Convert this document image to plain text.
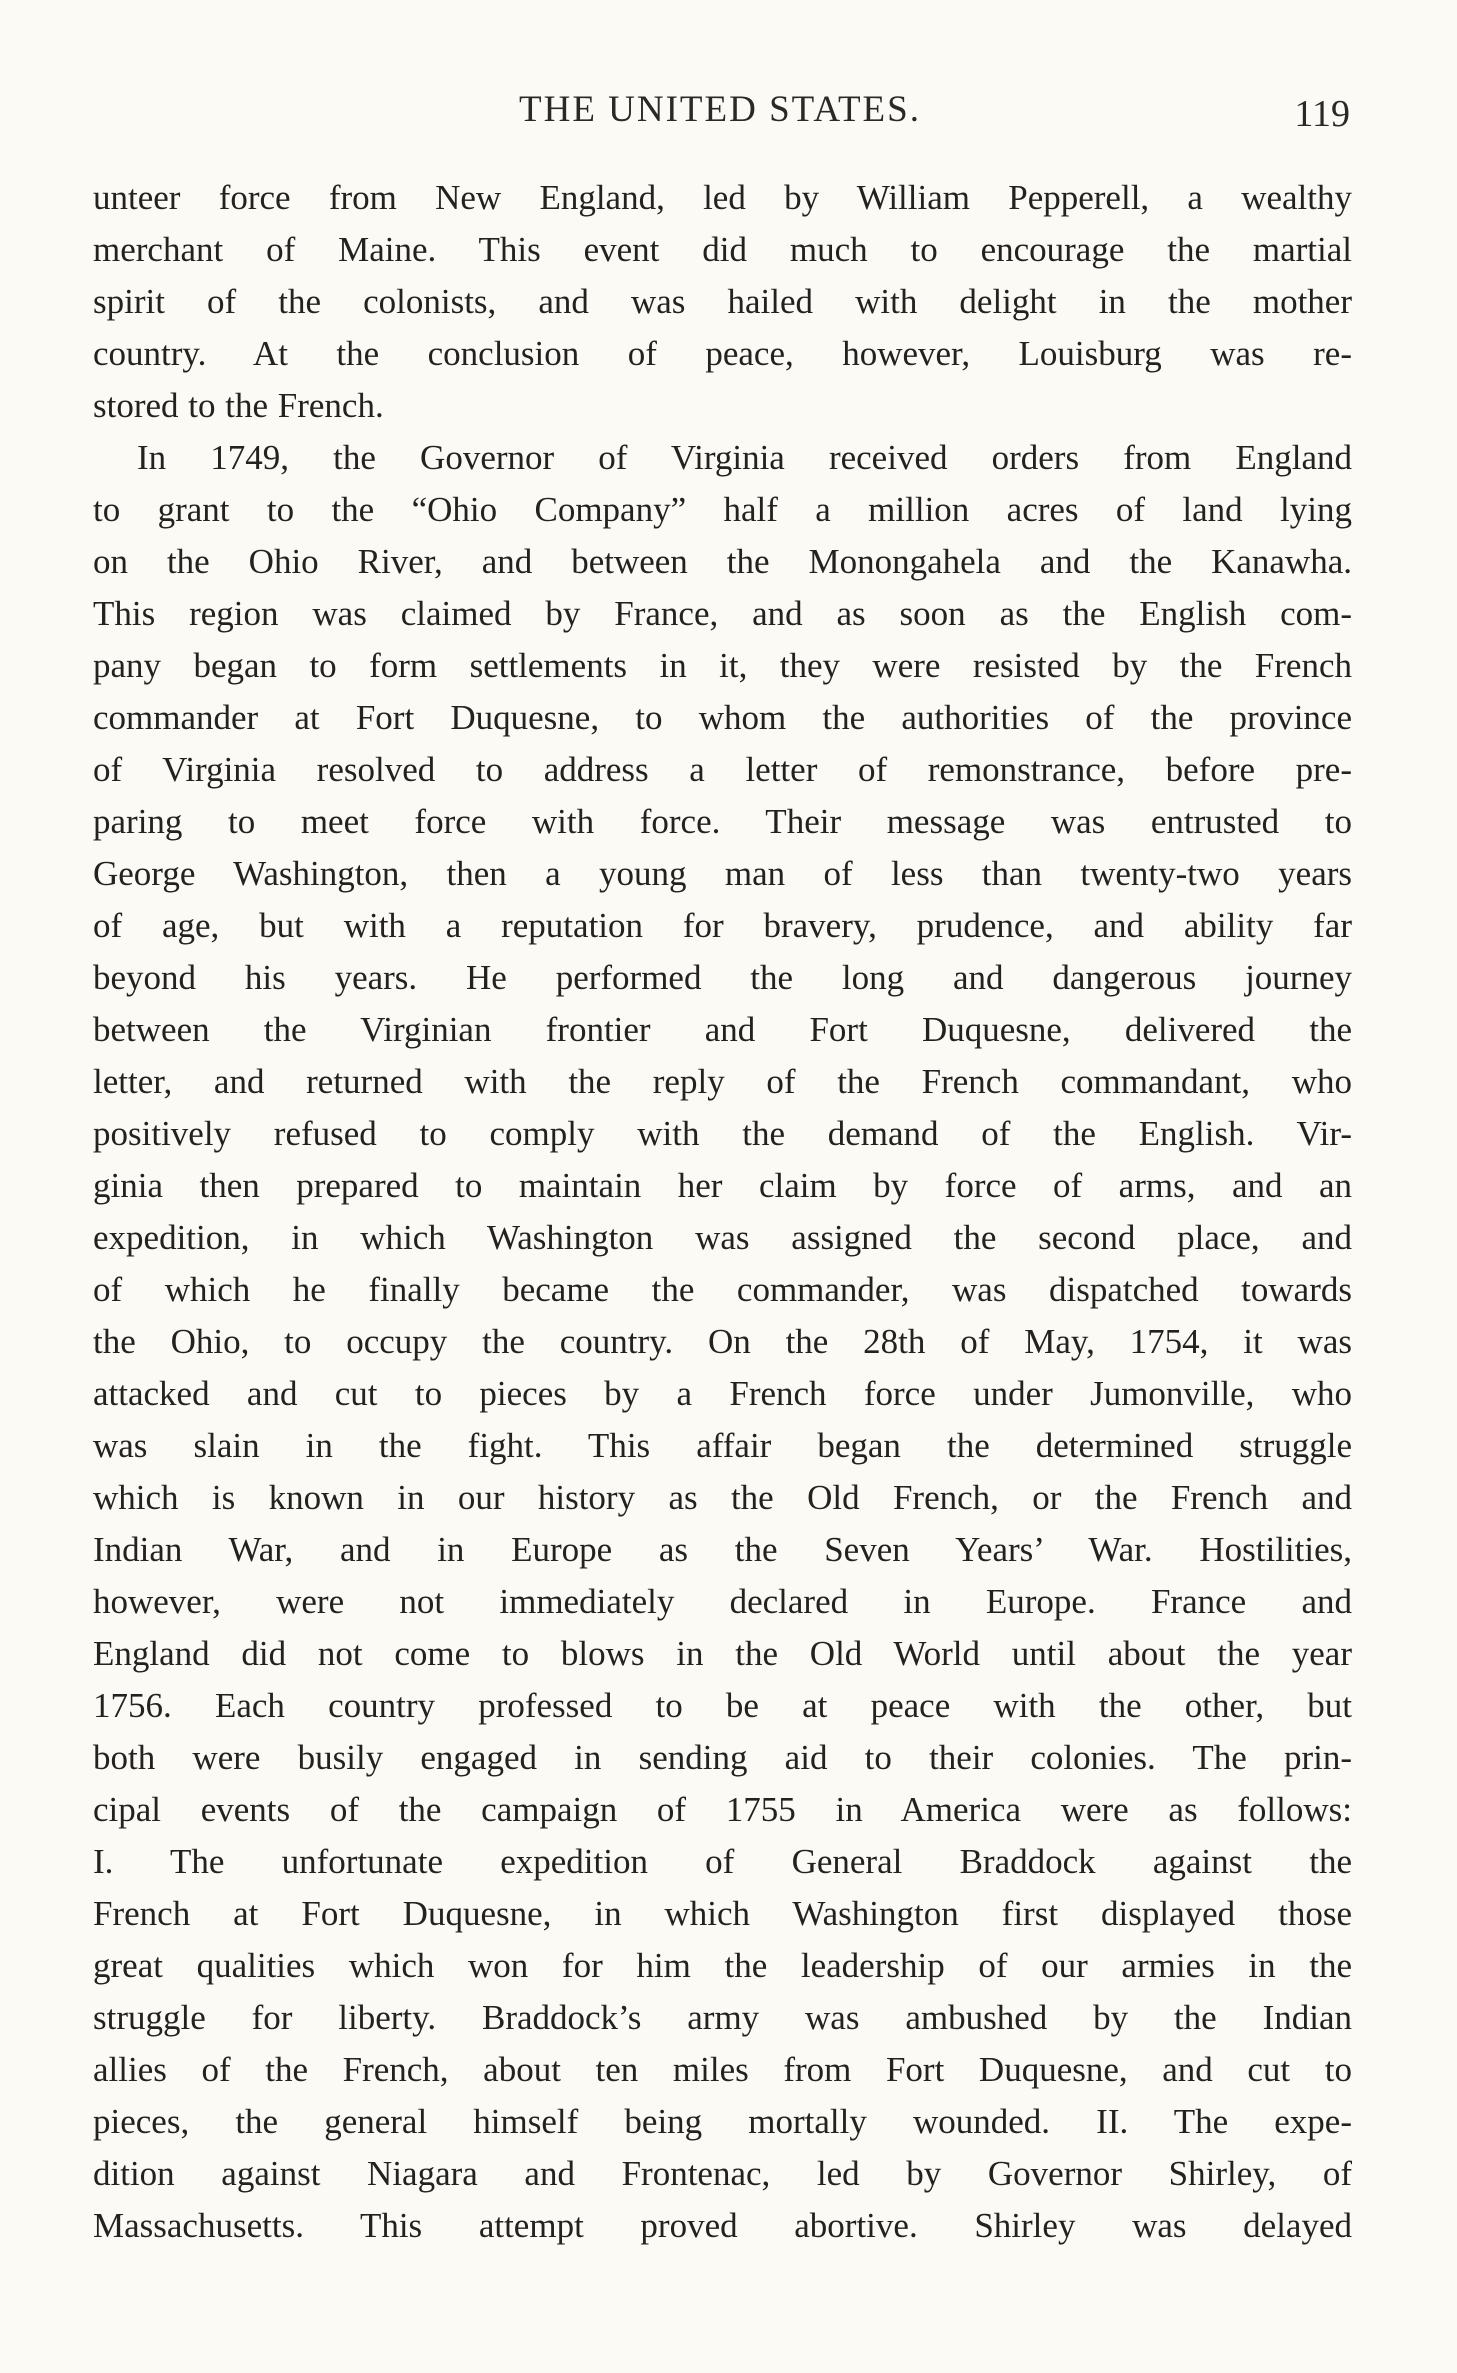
THE UNITED STATES.	119
unteer force from New England, led by William Pepperell, a wealthy
merchant of Maine. This event did much to encourage the martial
spirit of the colonists, and was hailed with delight in the mother
country. At the conclusion of peace, however, Louisburg was re-
stored to the French.
In 1749, the Governor of Virginia received orders from England
to grant to the “Ohio Company” half a million acres of land lying
on the Ohio River, and between the Monongahela and the Kanawha.
This region was claimed by France, and as soon as the English com-
pany began to form settlements in it, they were resisted by the French
commander at Fort Duquesne, to whom the authorities of the province
of Virginia resolved to address a letter of remonstrance, before pre-
paring to meet force with force. Their message was entrusted to
George Washington, then a young man of less than twenty-two years
of age, but with a reputation for bravery, prudence, and ability far
beyond his years. He performed the long and dangerous journey
between the Virginian frontier and Fort Duquesne, delivered the
letter, and returned with the reply of the French commandant, who
positively refused to comply with the demand of the English. Vir-
ginia then prepared to maintain her claim by force of arms, and an
expedition, in which Washington was assigned the second place, and
of which he finally became the commander, was dispatched towards
the Ohio, to occupy the country. On the 28th of May, 1754, it was
attacked and cut to pieces by a French force under Jumonville, who
was slain in the fight. This affair began the determined struggle
which is known in our history as the Old French, or the French and
Indian War, and in Europe as the Seven Years’ War. Hostilities,
however, were not immediately declared in Europe. France and
England did not come to blows in the Old World until about the year
1756. Each country professed to be at peace with the other, but
both were busily engaged in sending aid to their colonies. The prin-
cipal events of the campaign of 1755 in America were as follows:
I. The unfortunate expedition of General Braddock against the
French at Fort Duquesne, in which Washington first displayed those
great qualities which won for him the leadership of our armies in the
struggle for liberty. Braddock’s army was ambushed by the Indian
allies of the French, about ten miles from Fort Duquesne, and cut to
pieces, the general himself being mortally wounded. II. The expe-
dition against Niagara and Frontenac, led by Governor Shirley, of
Massachusetts. This attempt proved abortive. Shirley was delayed
